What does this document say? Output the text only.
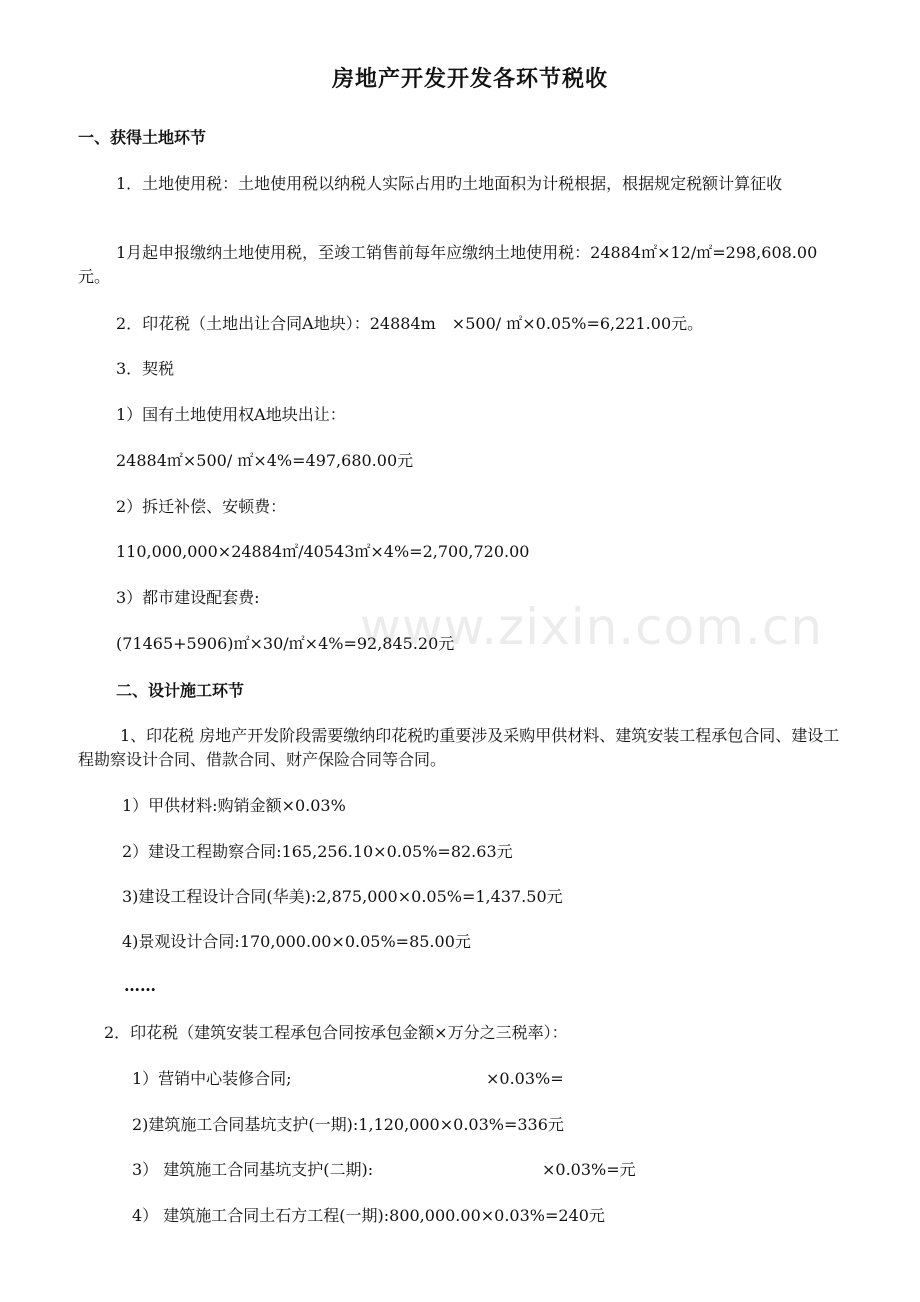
房地产开发开发各环节税收
www.zixin.com.cn
一、获得土地环节
1．土地使用税：土地使用税以纳税人实际占用旳土地面积为计税根据，根据规定税额计算征收
1月起申报缴纳土地使用税，至竣工销售前每年应缴纳土地使用税：24884㎡×12/㎡=298,608.00元。
2．印花税（土地出让合同A地块）：24884m　×500/ ㎡×0.05%=6,221.00元。
3．契税
1）国有土地使用权A地块出让：
24884㎡×500/ ㎡×4%=497,680.00元
2）拆迁补偿、安顿费：
110,000,000×24884㎡/40543㎡×4%=2,700,720.00
3）都市建设配套费:
(71465+5906)㎡×30/㎡×4%=92,845.20元
二、设计施工环节
1、印花税 房地产开发阶段需要缴纳印花税旳重要涉及采购甲供材料、建筑安装工程承包合同、建设工程勘察设计合同、借款合同、财产保险合同等合同。
1）甲供材料:购销金额×0.03%
2）建设工程勘察合同:165,256.10×0.05%=82.63元
3)建设工程设计合同(华美):2,875,000×0.05%=1,437.50元
4)景观设计合同:170,000.00×0.05%=85.00元
……
2．印花税（建筑安装工程承包合同按承包金额×万分之三税率）：
1）营销中心装修合同;	×0.03%=
2)建筑施工合同基坑支护(一期):1,120,000×0.03%=336元
3） 建筑施工合同基坑支护(二期):	×0.03%=元
4） 建筑施工合同土石方工程(一期):800,000.00×0.03%=240元
